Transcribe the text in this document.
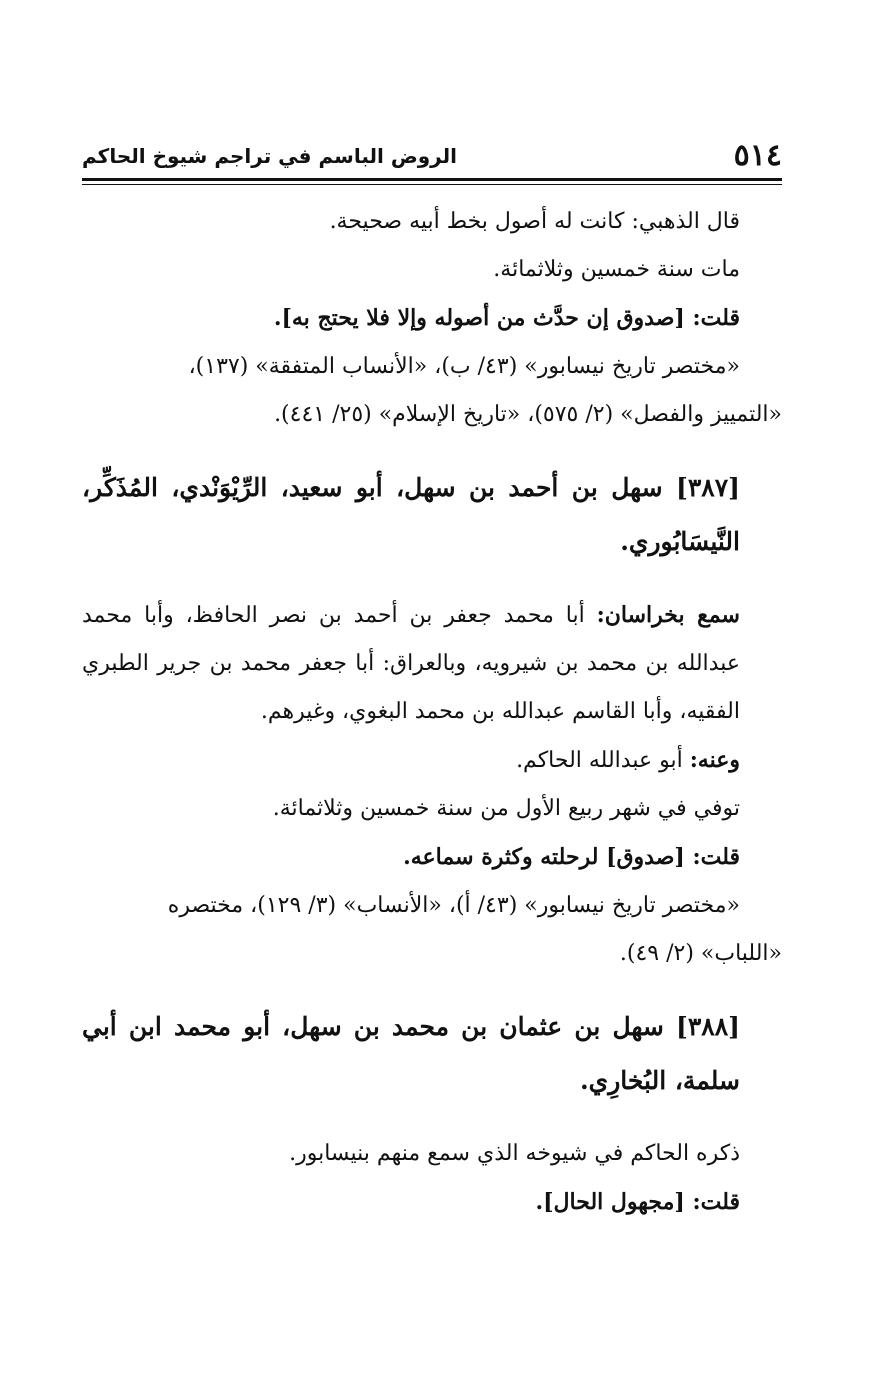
٥١٤
الروض الباسم في تراجم شيوخ الحاكم

قال الذهبي: كانت له أصول بخط أبيه صحيحة.

مات سنة خمسين وثلاثمائة.

قلت: [صدوق إن حدَّث من أصوله وإلا فلا يحتج به].

«مختصر تاريخ نيسابور» (٤٣/ ب)، «الأنساب المتفقة» (١٣٧)،

«التمييز والفصل» (٢/ ٥٧٥)، «تاريخ الإسلام» (٢٥/ ٤٤١).

[٣٨٧] سهل بن أحمد بن سهل، أبو سعيد، الرِّيْوَنْدي، المُذَكِّر، النَّيسَابُوري.

سمع بخراسان: أبا محمد جعفر بن أحمد بن نصر الحافظ، وأبا محمد عبدالله بن محمد بن شيرويه، وبالعراق: أبا جعفر محمد بن جرير الطبري الفقيه، وأبا القاسم عبدالله بن محمد البغوي، وغيرهم.

وعنه: أبو عبدالله الحاكم.

توفي في شهر ربيع الأول من سنة خمسين وثلاثمائة.

قلت: [صدوق] لرحلته وكثرة سماعه.

«مختصر تاريخ نيسابور» (٤٣/ أ)، «الأنساب» (٣/ ١٢٩)، مختصره

«اللباب» (٢/ ٤٩).

[٣٨٨] سهل بن عثمان بن محمد بن سهل، أبو محمد ابن أبي سلمة، البُخارِي.

ذكره الحاكم في شيوخه الذي سمع منهم بنيسابور.

قلت: [مجهول الحال].
